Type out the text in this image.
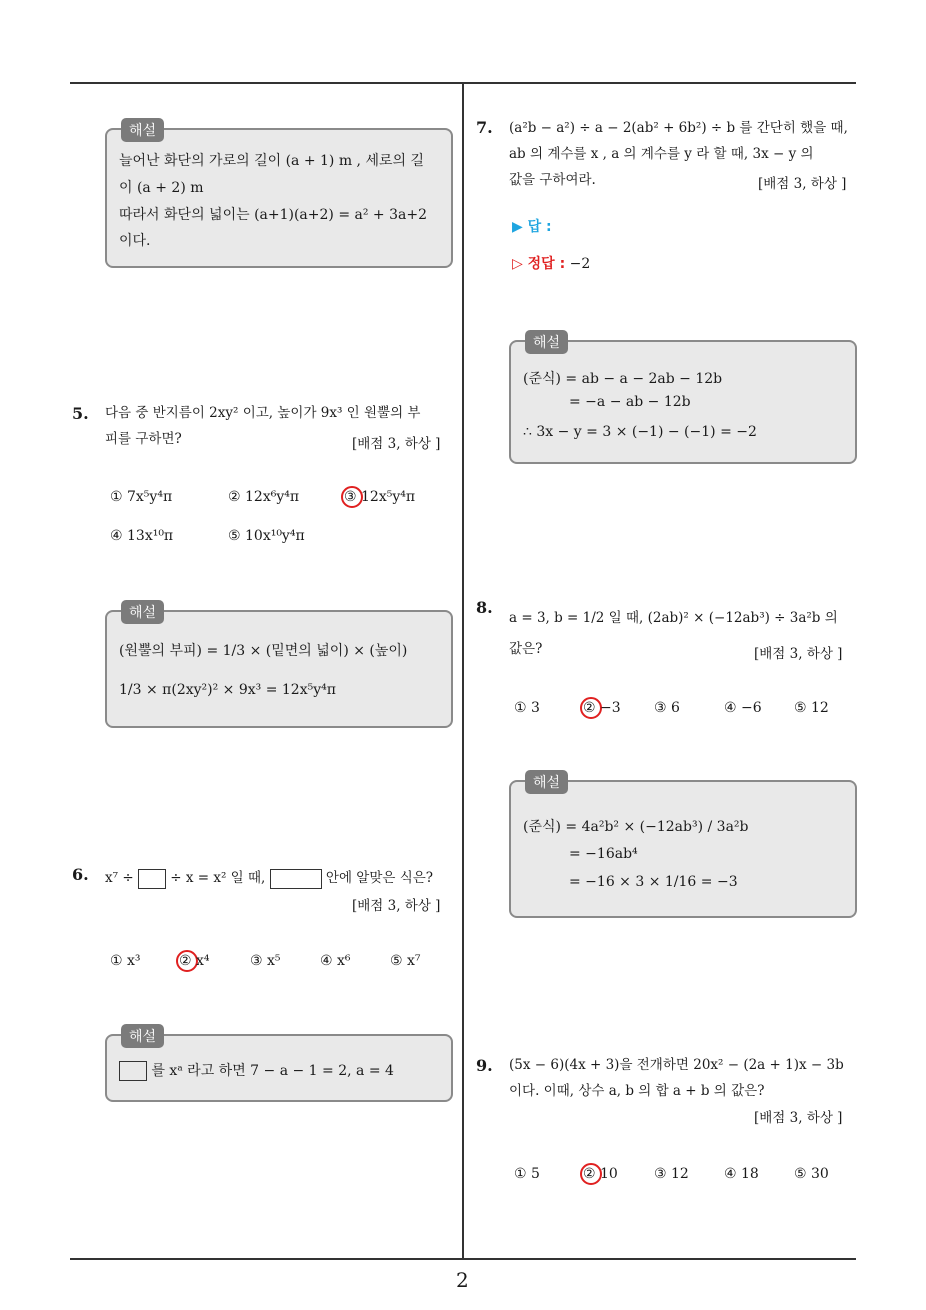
2
해설
늘어난 화단의 가로의 길이 (a + 1) m , 세로의 길
이 (a + 2) m
따라서 화단의 넓이는 (a+1)(a+2) = a² + 3a+2
이다.
5. 다음 중 반지름이 2xy² 이고, 높이가 9x³ 인 원뿔의 부
피를 구하면?	[배점 3, 하상 ]
① 7x⁵y⁴π	② 12x⁶y⁴π	③ 12x⁵y⁴π
④ 13x¹⁰π	⑤ 10x¹⁰y⁴π
해설
(원뿔의 부피) = 1/3 × (밑면의 넓이) × (높이)
1/3 × π(2xy²)² × 9x³ = 12x⁵y⁴π
6. x⁷ ÷	÷ x = x² 일 때,	안에 알맞은 식은?
[배점 3, 하상 ]
① x³	② x⁴	③ x⁵	④ x⁶	⑤ x⁷
해설
를 xᵃ 라고 하면 7 − a − 1 = 2, a = 4
7. (a²b − a²) ÷ a − 2(ab² + 6b²) ÷ b 를 간단히 했을 때,
ab 의 계수를 x , a 의 계수를 y 라 할 때, 3x − y 의
값을 구하여라.	[배점 3, 하상 ]
▶ 답 :
▷ 정답 : −2
해설
(준식) = ab − a − 2ab − 12b
= −a − ab − 12b
∴ 3x − y = 3 × (−1) − (−1) = −2
8.
a = 3, b = 1/2 일 때, (2ab)² × (−12ab³) ÷ 3a²b 의
값은?	[배점 3, 하상 ]
① 3	② −3 ③ 6	④ −6 ⑤ 12
해설
(준식) = 4a²b² × (−12ab³) / 3a²b
= −16ab⁴
= −16 × 3 × 1/16 = −3
9. (5x − 6)(4x + 3)을 전개하면 20x² − (2a + 1)x − 3b
이다. 이때, 상수 a, b 의 합 a + b 의 값은?
[배점 3, 하상 ]
① 5	② 10	③ 12	④ 18	⑤ 30
